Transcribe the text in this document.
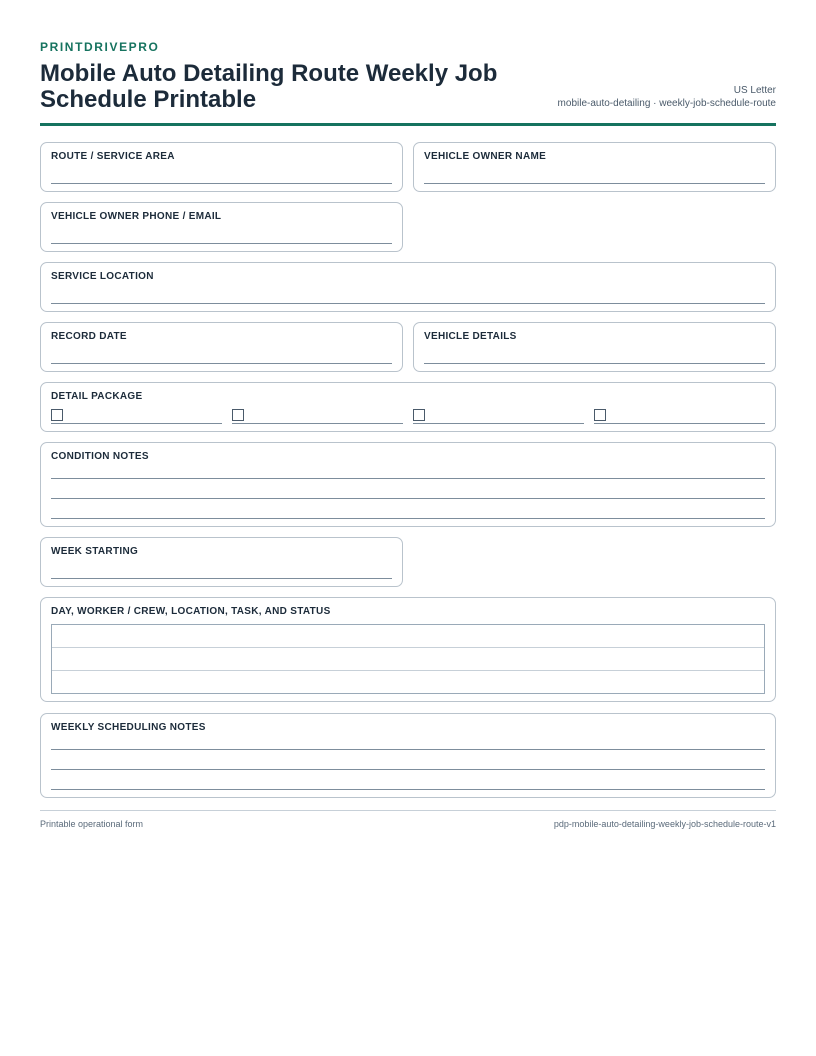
PRINTDRIVEPRO
Mobile Auto Detailing Route Weekly Job Schedule Printable	US Letter
mobile-auto-detailing · weekly-job-schedule-route
ROUTE / SERVICE AREA	VEHICLE OWNER NAME
VEHICLE OWNER PHONE / EMAIL
SERVICE LOCATION
RECORD DATE	VEHICLE DETAILS
DETAIL PACKAGE
CONDITION NOTES
WEEK STARTING
DAY, WORKER / CREW, LOCATION, TASK, AND STATUS
WEEKLY SCHEDULING NOTES
Printable operational form	pdp-mobile-auto-detailing-weekly-job-schedule-route-v1
